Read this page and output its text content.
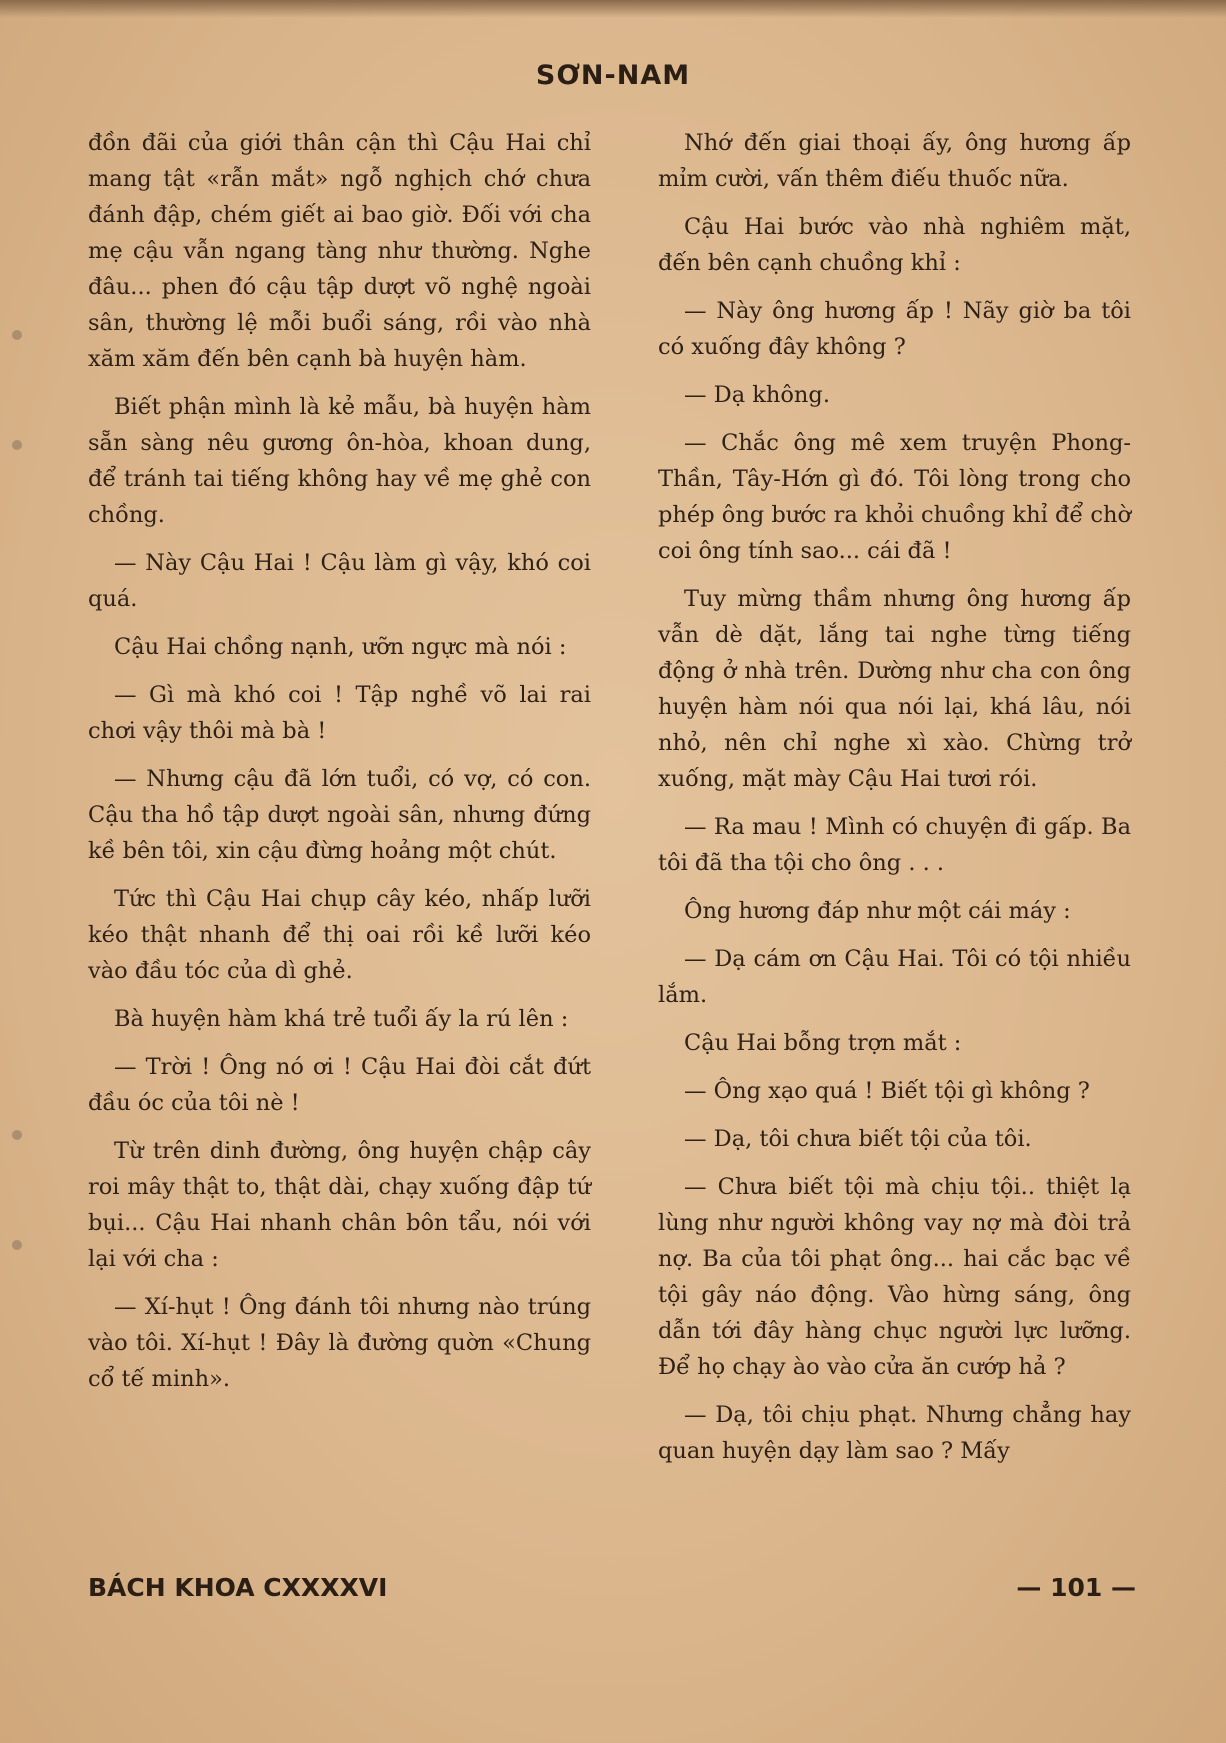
SƠN-NAM

đồn đãi của giới thân cận thì Cậu Hai chỉ mang tật «rẫn mắt» ngỗ nghịch chớ chưa đánh đập, chém giết ai bao giờ. Đối với cha mẹ cậu vẫn ngang tàng như thường. Nghe đâu... phen đó cậu tập dượt võ nghệ ngoài sân, thường lệ mỗi buổi sáng, rồi vào nhà xăm xăm đến bên cạnh bà huyện hàm.

Biết phận mình là kẻ mẫu, bà huyện hàm sẵn sàng nêu gương ôn-hòa, khoan dung, để tránh tai tiếng không hay về mẹ ghẻ con chồng.

— Này Cậu Hai ! Cậu làm gì vậy, khó coi quá.

Cậu Hai chồng nạnh, ưỡn ngực mà nói :

— Gì mà khó coi ! Tập nghề võ lai rai chơi vậy thôi mà bà !

— Nhưng cậu đã lớn tuổi, có vợ, có con. Cậu tha hồ tập dượt ngoài sân, nhưng đứng kề bên tôi, xin cậu đừng hoảng một chút.

Tức thì Cậu Hai chụp cây kéo, nhấp lưỡi kéo thật nhanh để thị oai rồi kề lưỡi kéo vào đầu tóc của dì ghẻ.

Bà huyện hàm khá trẻ tuổi ấy la rú lên :

— Trời ! Ông nó ơi ! Cậu Hai đòi cắt đứt đầu óc của tôi nè !

Từ trên dinh đường, ông huyện chập cây roi mây thật to, thật dài, chạy xuống đập tứ bụi... Cậu Hai nhanh chân bôn tẩu, nói với lại với cha :

— Xí-hụt ! Ông đánh tôi nhưng nào trúng vào tôi. Xí-hụt ! Đây là đường quờn «Chung cổ tế minh».

Nhớ đến giai thoại ấy, ông hương ấp mỉm cười, vấn thêm điếu thuốc nữa.

Cậu Hai bước vào nhà nghiêm mặt, đến bên cạnh chuồng khỉ :

— Này ông hương ấp ! Nãy giờ ba tôi có xuống đây không ?

— Dạ không.

— Chắc ông mê xem truyện Phong-Thần, Tây-Hớn gì đó. Tôi lòng trong cho phép ông bước ra khỏi chuồng khỉ để chờ coi ông tính sao... cái đã !

Tuy mừng thầm nhưng ông hương ấp vẫn dè dặt, lắng tai nghe từng tiếng động ở nhà trên. Dường như cha con ông huyện hàm nói qua nói lại, khá lâu, nói nhỏ, nên chỉ nghe xì xào. Chừng trở xuống, mặt mày Cậu Hai tươi rói.

— Ra mau ! Mình có chuyện đi gấp. Ba tôi đã tha tội cho ông . . .

Ông hương đáp như một cái máy :

— Dạ cám ơn Cậu Hai. Tôi có tội nhiều lắm.

Cậu Hai bỗng trợn mắt :

— Ông xạo quá ! Biết tội gì không ?

— Dạ, tôi chưa biết tội của tôi.

— Chưa biết tội mà chịu tội.. thiệt lạ lùng như người không vay nợ mà đòi trả nợ. Ba của tôi phạt ông... hai cắc bạc về tội gây náo động. Vào hừng sáng, ông dẫn tới đây hàng chục người lực lưỡng. Để họ chạy ào vào cửa ăn cướp hả ?

— Dạ, tôi chịu phạt. Nhưng chẳng hay quan huyện dạy làm sao ? Mấy

BÁCH KHOA CXXXXVI	— 101 —
